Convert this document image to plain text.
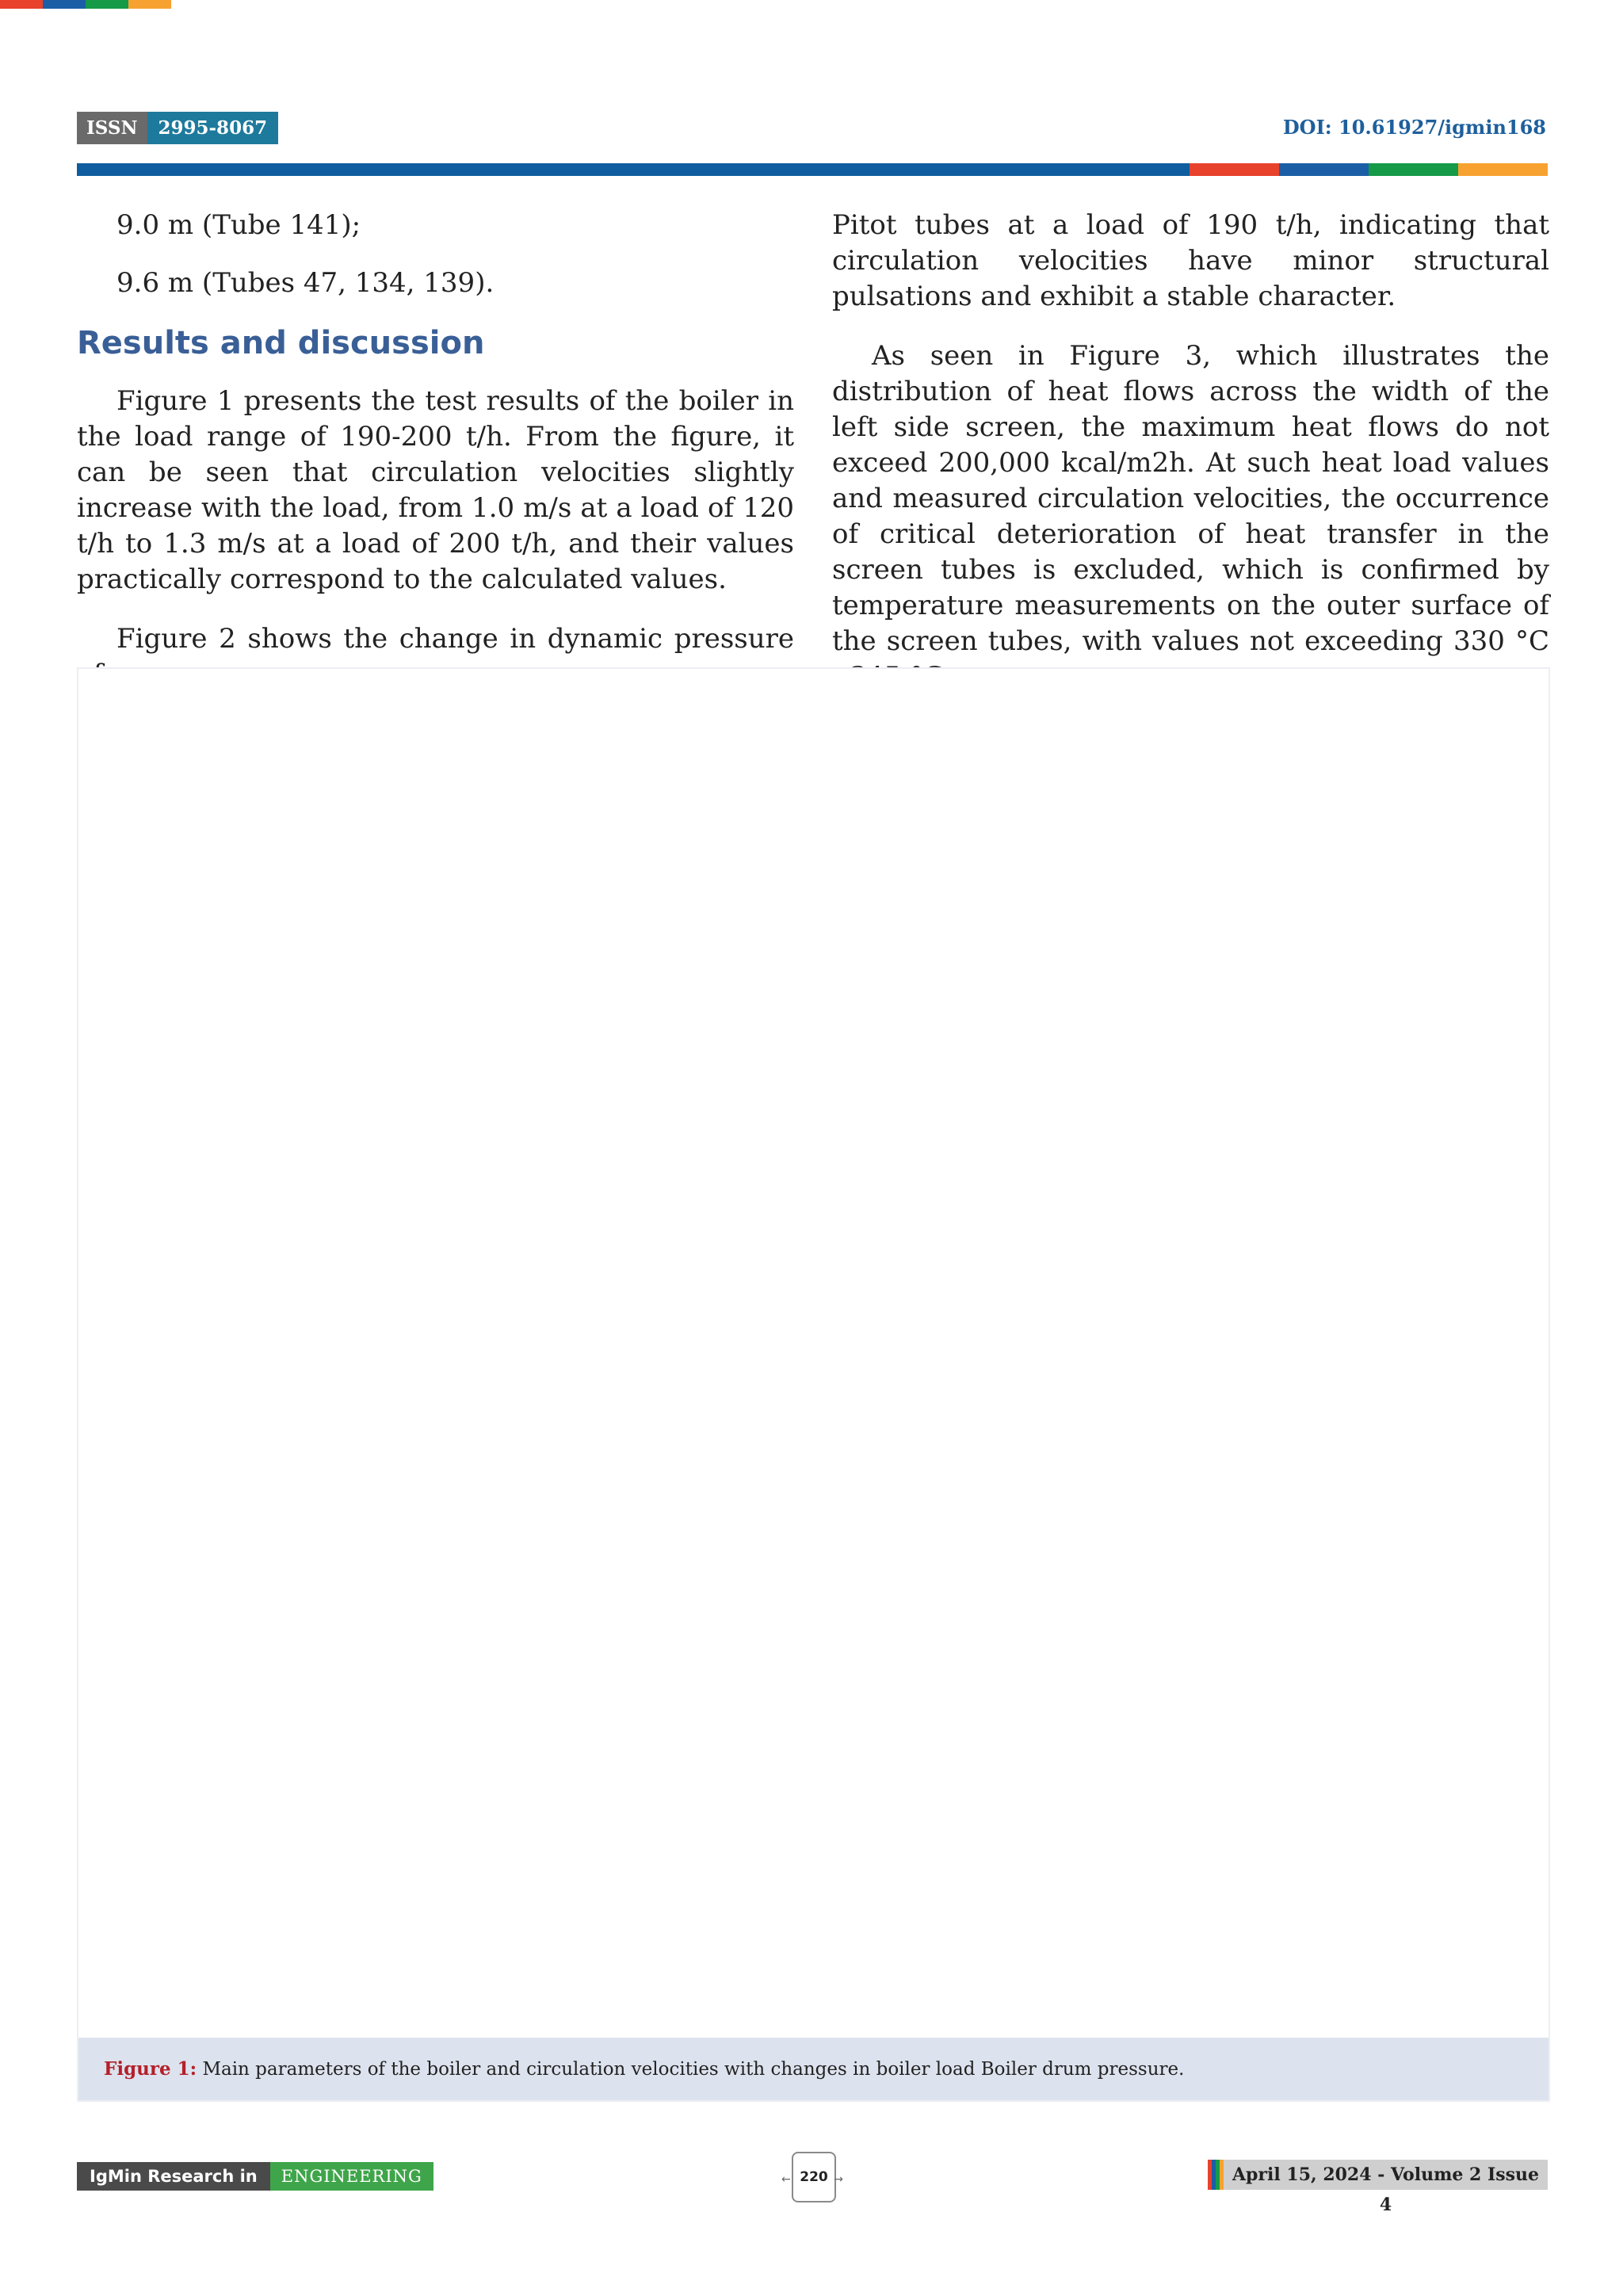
ISSN	2995-8067	DOI: 10.61927/igmin168

9.0 m (Tube 141);

9.6 m (Tubes 47, 134, 139).

Results and discussion

Figure 1 presents the test results of the boiler in the load range of 190-200 t/h. From the figure, it can be seen that circulation velocities slightly increase with the load, from 1.0 m/s at a load of 120 t/h to 1.3 m/s at a load of 200 t/h, and their values practically correspond to the calculated values.

Figure 2 shows the change in dynamic pressure

Pitot tubes at a load of 190 t/h, indicating that circulation velocities have minor structural pulsations and exhibit a stable character.

As seen in Figure 3, which illustrates the distribution of heat flows across the width of the left side screen, the maximum heat flows do not exceed 200,000 kcal/m2h. At such heat load values and measured circulation velocities, the occurrence of critical deterioration of heat transfer in the screen tubes is excluded, which is confirmed by temperature measurements on the outer surface of the screen tubes, with values not exceeding 330 °C

Figure 1: Main parameters of the boiler and circulation velocities with changes in boiler load Boiler drum pressure.
IgMin Research in	ENGINEERING	← 220 →	April 15, 2024 - Volume 2 Issue 4
